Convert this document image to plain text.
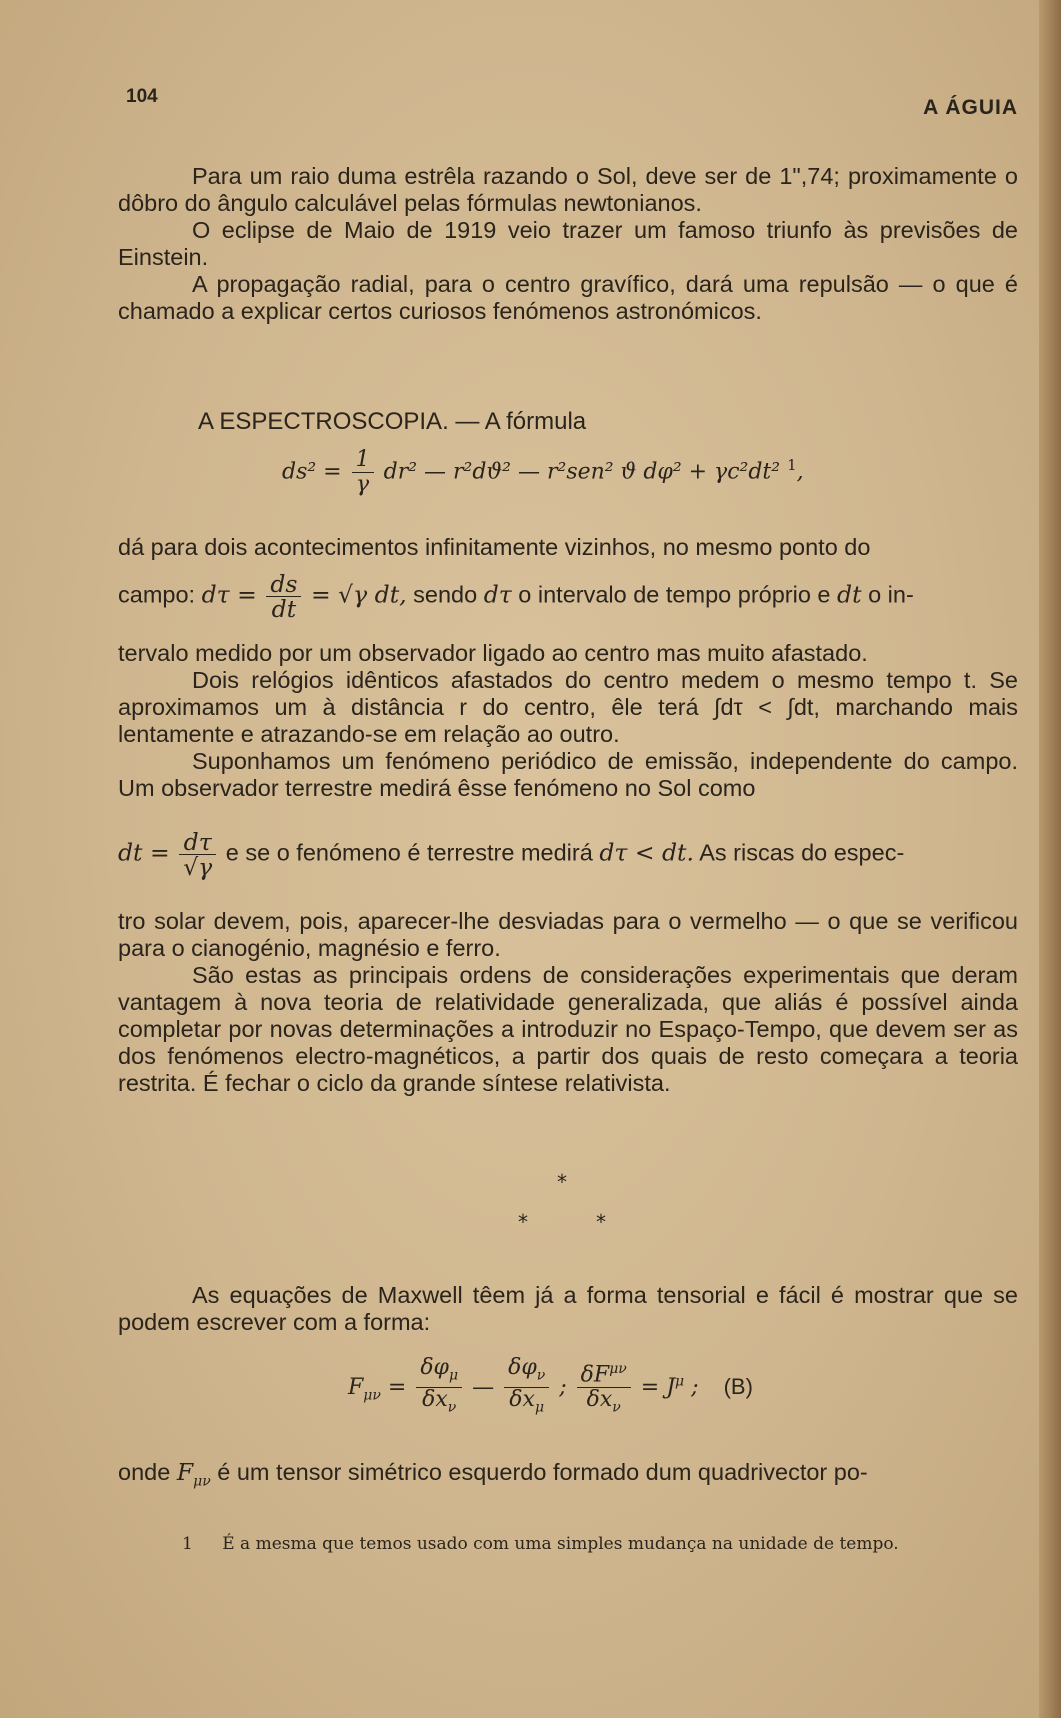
104	A ÁGUIA

Para um raio duma estrêla razando o Sol, deve ser de 1",74; proximamente o dôbro do ângulo calculável pelas fórmulas newtonianos.

O eclipse de Maio de 1919 veio trazer um famoso triunfo às previsões de Einstein.

A propagação radial, para o centro gravífico, dará uma repulsão — o que é chamado a explicar certos curiosos fenómenos astronómicos.

A ESPECTROSCOPIA. — A fórmula
$ds^2 = \frac{1}{\gamma} dr^2$ — r²dϑ² — r²sen² ϑ dφ² + γc²dt² $^1$,

dá para dois acontecimentos infinitamente vizinhos, no mesmo ponto do

campo: $d\tau = \frac{ds}{dt} = √\gamma$ dt, sendo dτ o intervalo de tempo próprio e dt o in-

tervalo medido por um observador ligado ao centro mas muito afastado.

Dois relógios idênticos afastados do centro medem o mesmo tempo t. Se aproximamos um à distância r do centro, êle terá ∫dτ < ∫dt, marchando mais lentamente e atrazando-se em relação ao outro.

Suponhamos um fenómeno periódico de emissão, independente do campo. Um observador terrestre medirá êsse fenómeno no Sol como

dt = $\frac{d\tau}{√\gamma}$ e se o fenómeno é terrestre medirá dτ < dt. As riscas do espec-

tro solar devem, pois, aparecer-lhe desviadas para o vermelho — o que se verificou para o cianogénio, magnésio e ferro.

São estas as principais ordens de considerações experimentais que deram vantagem à nova teoria de relatividade generalizada, que aliás é possível ainda completar por novas determinações a introduzir no Espaço-Tempo, que devem ser as dos fenómenos electro-magnéticos, a partir dos quais de resto começara a teoria restrita. É fechar o ciclo da grande síntese relativista.

*
*	*

As equações de Maxwell têem já a forma tensorial e fácil é mostrar que se podem escrever com a forma:

$F_{\mu\nu} = \frac{\delta\varphi_\mu}{\delta x_\nu}$ — $\frac{\delta\varphi_\nu}{\delta x_\mu}$ ; $\frac{\delta F^{\mu\nu}}{\delta x_\nu} = J^\mu$ ; (B)
onde $F_{\mu\nu}$ é um tensor simétrico esquerdo formado dum quadrivector po-
1 É a mesma que temos usado com uma simples mudança na unidade de tempo.
